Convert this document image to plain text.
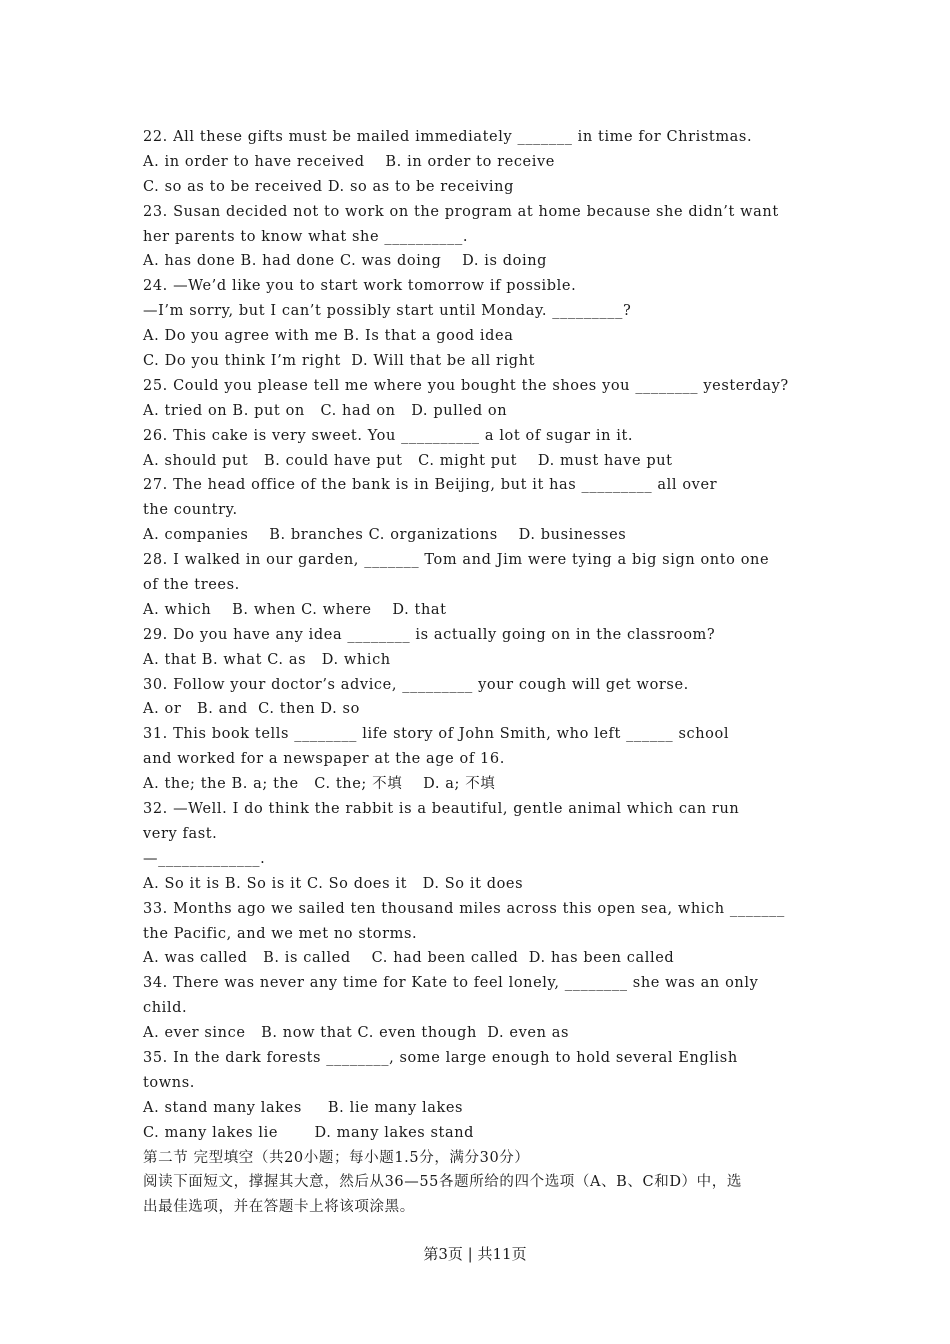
22. All these gifts must be mailed immediately _______ in time for Christmas.
A. in order to have received    B. in order to receive
C. so as to be received D. so as to be receiving
23. Susan decided not to work on the program at home because she didn’t want
her parents to know what she __________.
A. has done B. had done C. was doing    D. is doing
24. —We’d like you to start work tomorrow if possible.
—I’m sorry, but I can’t possibly start until Monday. _________?
A. Do you agree with me B. Is that a good idea
C. Do you think I’m right  D. Will that be all right
25. Could you please tell me where you bought the shoes you ________ yesterday?
A. tried on B. put on   C. had on   D. pulled on
26. This cake is very sweet. You __________ a lot of sugar in it.
A. should put   B. could have put   C. might put    D. must have put
27. The head office of the bank is in Beijing, but it has _________ all over
the country.
A. companies    B. branches C. organizations    D. businesses
28. I walked in our garden, _______ Tom and Jim were tying a big sign onto one
of the trees.
A. which    B. when C. where    D. that
29. Do you have any idea ________ is actually going on in the classroom?
A. that B. what C. as   D. which
30. Follow your doctor’s advice, _________ your cough will get worse.
A. or   B. and  C. then D. so
31. This book tells ________ life story of John Smith, who left ______ school
and worked for a newspaper at the age of 16.
A. the; the B. a; the   C. the; 不填    D. a; 不填
32. —Well. I do think the rabbit is a beautiful, gentle animal which can run
very fast.
—_____________.
A. So it is B. So is it C. So does it   D. So it does
33. Months ago we sailed ten thousand miles across this open sea, which _______
the Pacific, and we met no storms.
A. was called   B. is called    C. had been called  D. has been called
34. There was never any time for Kate to feel lonely, ________ she was an only
child.
A. ever since   B. now that C. even though  D. even as
35. In the dark forests ________, some large enough to hold several English
towns.
A. stand many lakes     B. lie many lakes
C. many lakes lie       D. many lakes stand
第二节 完型填空（共20小题；每小题1.5分，满分30分）
阅读下面短文，撑握其大意，然后从36—55各题所给的四个选项（A、B、C和D）中，选
出最佳选项，并在答题卡上将该项涂黑。
第3页 | 共11页
